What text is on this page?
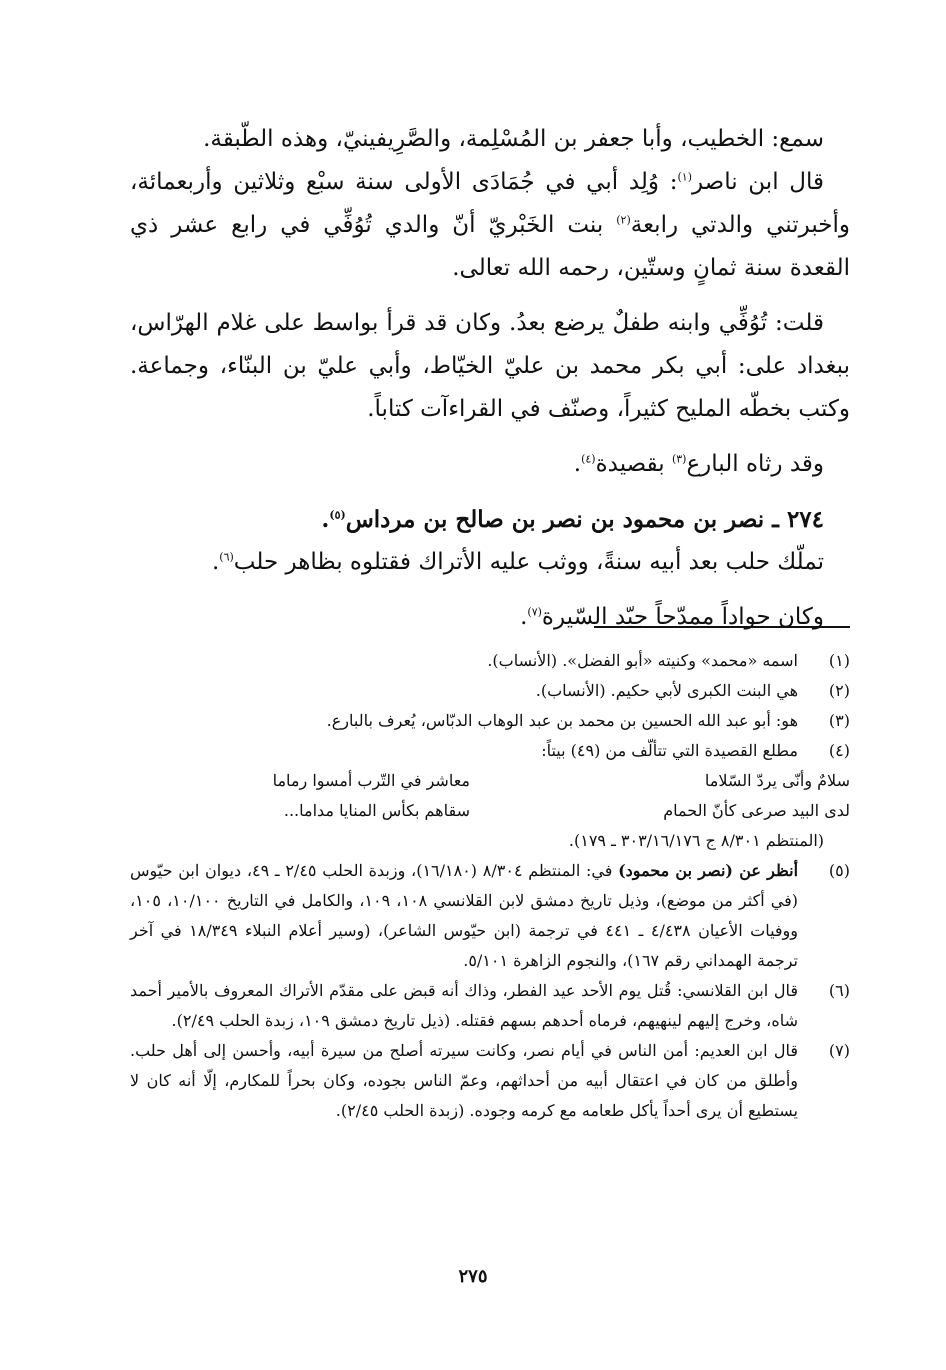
سمع: الخطيب، وأبا جعفر بن المُسْلِمة، والصَّرِيفينيّ، وهذه الطّبقة.

قال ابن ناصر$^{(١)}$: وُلِد أبي في جُمَادَى الأولى سنة سبْع وثلاثين وأربعمائة، وأخبرتني والدتي رابعة$^{(٢)}$ بنت الخَبْريّ أنّ والدي تُوُفِّي في رابع عشر ذي القعدة سنة ثمانٍ وستّين، رحمه الله تعالى.

قلت: تُوُفِّي وابنه طفلٌ يرضع بعدُ. وكان قد قرأ بواسط على غلام الهرّاس، ببغداد على: أبي بكر محمد بن عليّ الخيّاط، وأبي عليّ بن البنّاء، وجماعة. وكتب بخطّه المليح كثيراً، وصنّف في القراءآت كتاباً.

وقد رثاه البارع$^{(٣)}$ بقصيدة$^{(٤)}$.

٢٧٤ ـ نصر بن محمود بن نصر بن صالح بن مرداس$^{(٥)}$.

تملّك حلب بعد أبيه سنةً، ووثب عليه الأتراك فقتلوه بظاهر حلب$^{(٦)}$.

وكان جواداً ممدّحاً جيّد السّيرة$^{(٧)}$.

(١)
اسمه «محمد» وكنيته «أبو الفضل». (الأنساب).
(٢)
هي البنت الكبرى لأبي حكيم. (الأنساب).
(٣)
هو: أبو عبد الله الحسين بن محمد بن عبد الوهاب الدبّاس، يُعرف بالبارع.
(٤)
مطلع القصيدة التي تتألّف من (٤٩) بيتاً:
سلامٌ وأنّى يردّ السّلاما
معاشر في التّرب أمسوا رماما
لدى البيد صرعى كأنّ الحمام
سقاهم بكأس المنايا مداما...
(المنتظم ٨/٣٠١ ج ٣٠٣/١٦/١٧٦ ـ ١٧٩).
(٥)
أنظر عن (نصر بن محمود) في: المنتظم ٨/٣٠٤ (١٦/١٨٠)، وزبدة الحلب ٢/٤٥ ـ ٤٩، ديوان ابن حيّوس (في أكثر من موضع)، وذيل تاريخ دمشق لابن القلانسي ١٠٨، ١٠٩، والكامل في التاريخ ١٠/١٠٠، ١٠٥، ووفيات الأعيان ٤/٤٣٨ ـ ٤٤١ في ترجمة (ابن حيّوس الشاعر)، (وسير أعلام النبلاء ١٨/٣٤٩ في آخر ترجمة الهمداني رقم ١٦٧)، والنجوم الزاهرة ٥/١٠١.
(٦)
قال ابن القلانسي: قُتل يوم الأحد عيد الفطر، وذاك أنه قبض على مقدّم الأتراك المعروف بالأمير أحمد شاه، وخرج إليهم لينهيهم، فرماه أحدهم بسهم فقتله. (ذيل تاريخ دمشق ١٠٩، زبدة الحلب ٢/٤٩).
(٧)
قال ابن العديم: أمن الناس في أيام نصر، وكانت سيرته أصلح من سيرة أبيه، وأحسن إلى أهل حلب. وأطلق من كان في اعتقال أبيه من أحداثهم، وعمّ الناس بجوده، وكان بحراً للمكارم، إلّا أنه كان لا يستطيع أن يرى أحداً يأكل طعامه مع كرمه وجوده. (زبدة الحلب ٢/٤٥).
٢٧٥
